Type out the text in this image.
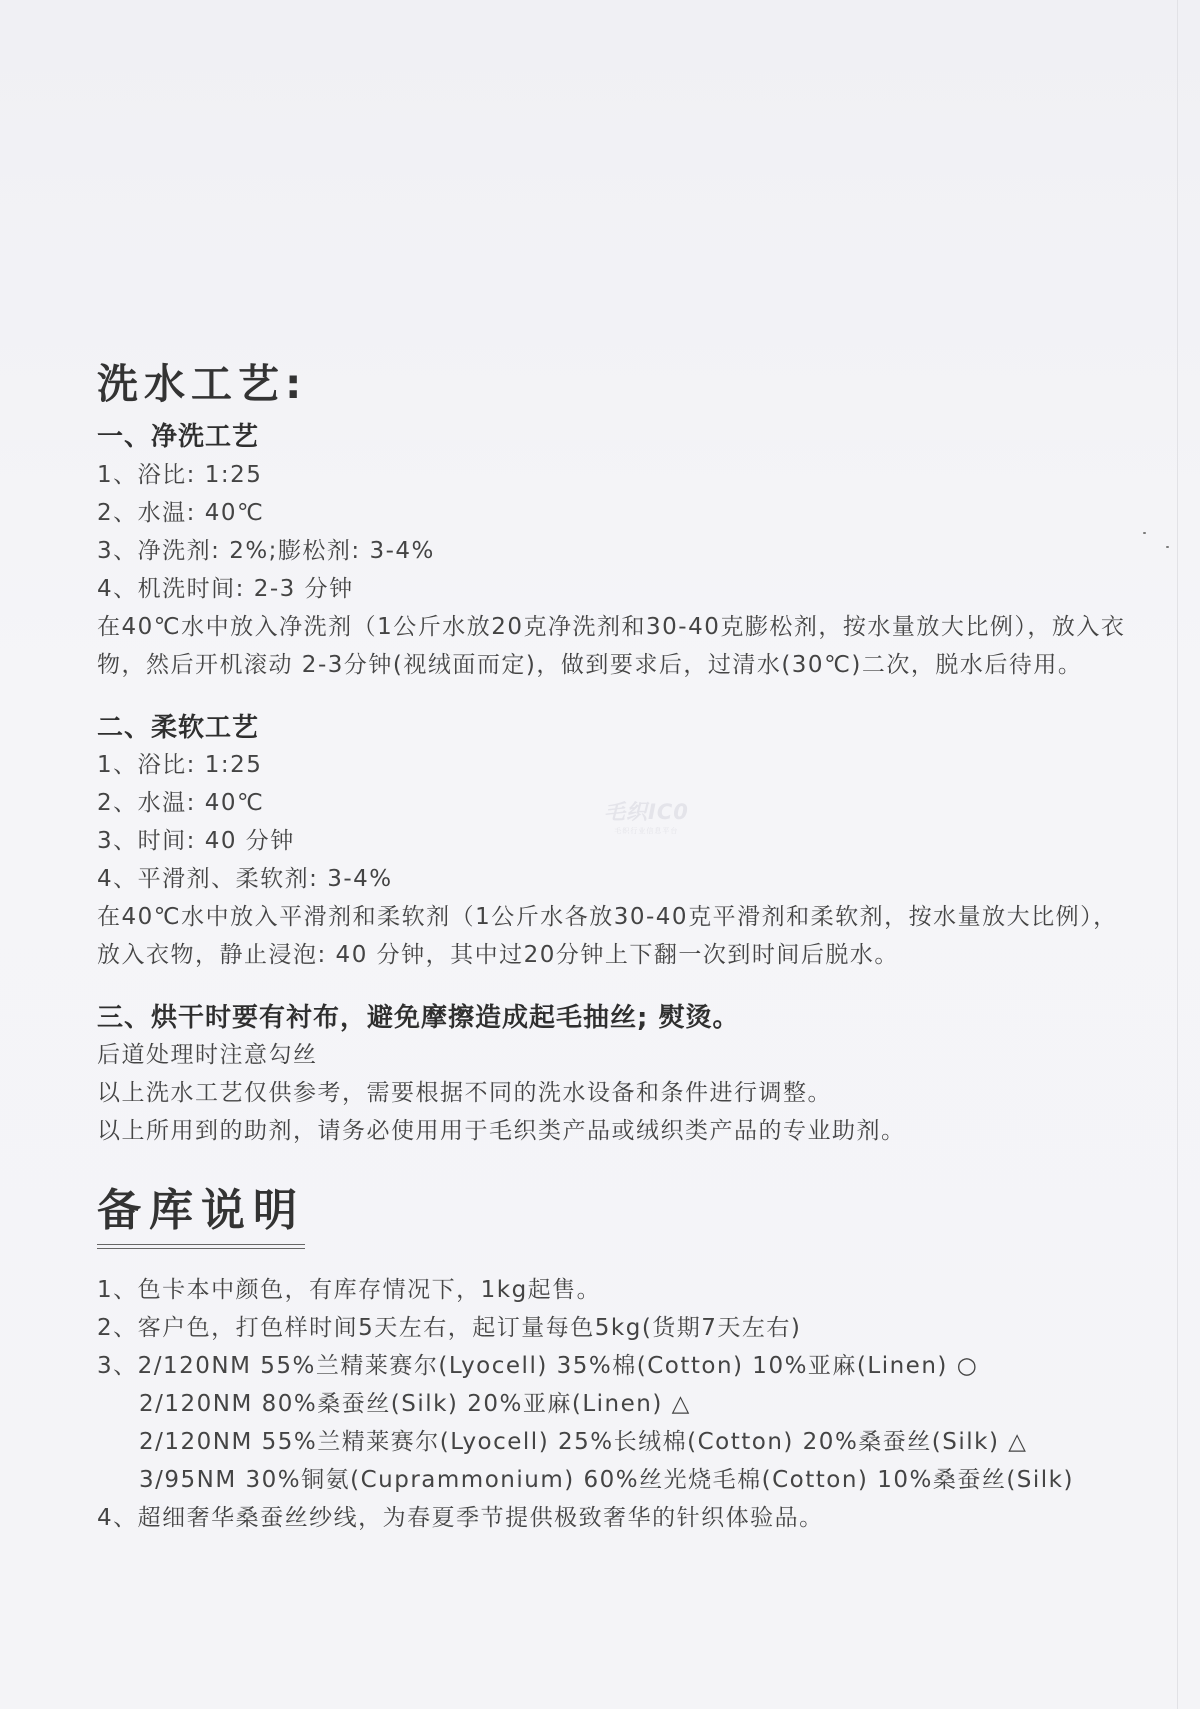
毛织IC0
毛织行业信息平台
洗水工艺:
一、净洗工艺
1、浴比: 1:25
2、水温: 40℃
3、净洗剂: 2%;膨松剂: 3-4%
4、机洗时间: 2-3 分钟
在40℃水中放入净洗剂（1公斤水放20克净洗剂和30-40克膨松剂，按水量放大比例），放入衣物，然后开机滚动 2-3分钟(视绒面而定)，做到要求后，过清水(30℃)二次，脱水后待用。
二、柔软工艺
1、浴比: 1:25
2、水温: 40℃
3、时间: 40 分钟
4、平滑剂、柔软剂: 3-4%
在40℃水中放入平滑剂和柔软剂（1公斤水各放30-40克平滑剂和柔软剂，按水量放大比例），放入衣物，静止浸泡: 40 分钟，其中过20分钟上下翻一次到时间后脱水。
三、烘干时要有衬布，避免摩擦造成起毛抽丝; 熨烫。
后道处理时注意勾丝
以上洗水工艺仅供参考，需要根据不同的洗水设备和条件进行调整。
以上所用到的助剂，请务必使用用于毛织类产品或绒织类产品的专业助剂。
备库说明
1、色卡本中颜色，有库存情况下，1kg起售。
2、客户色，打色样时间5天左右，起订量每色5kg(货期7天左右)
3、2/120NM 55%兰精莱赛尔(Lyocell) 35%棉(Cotton) 10%亚麻(Linen) ○
2/120NM 80%桑蚕丝(Silk) 20%亚麻(Linen) △
2/120NM 55%兰精莱赛尔(Lyocell) 25%长绒棉(Cotton) 20%桑蚕丝(Silk) △
3/95NM 30%铜氨(Cuprammonium) 60%丝光烧毛棉(Cotton) 10%桑蚕丝(Silk)
4、超细奢华桑蚕丝纱线，为春夏季节提供极致奢华的针织体验品。
